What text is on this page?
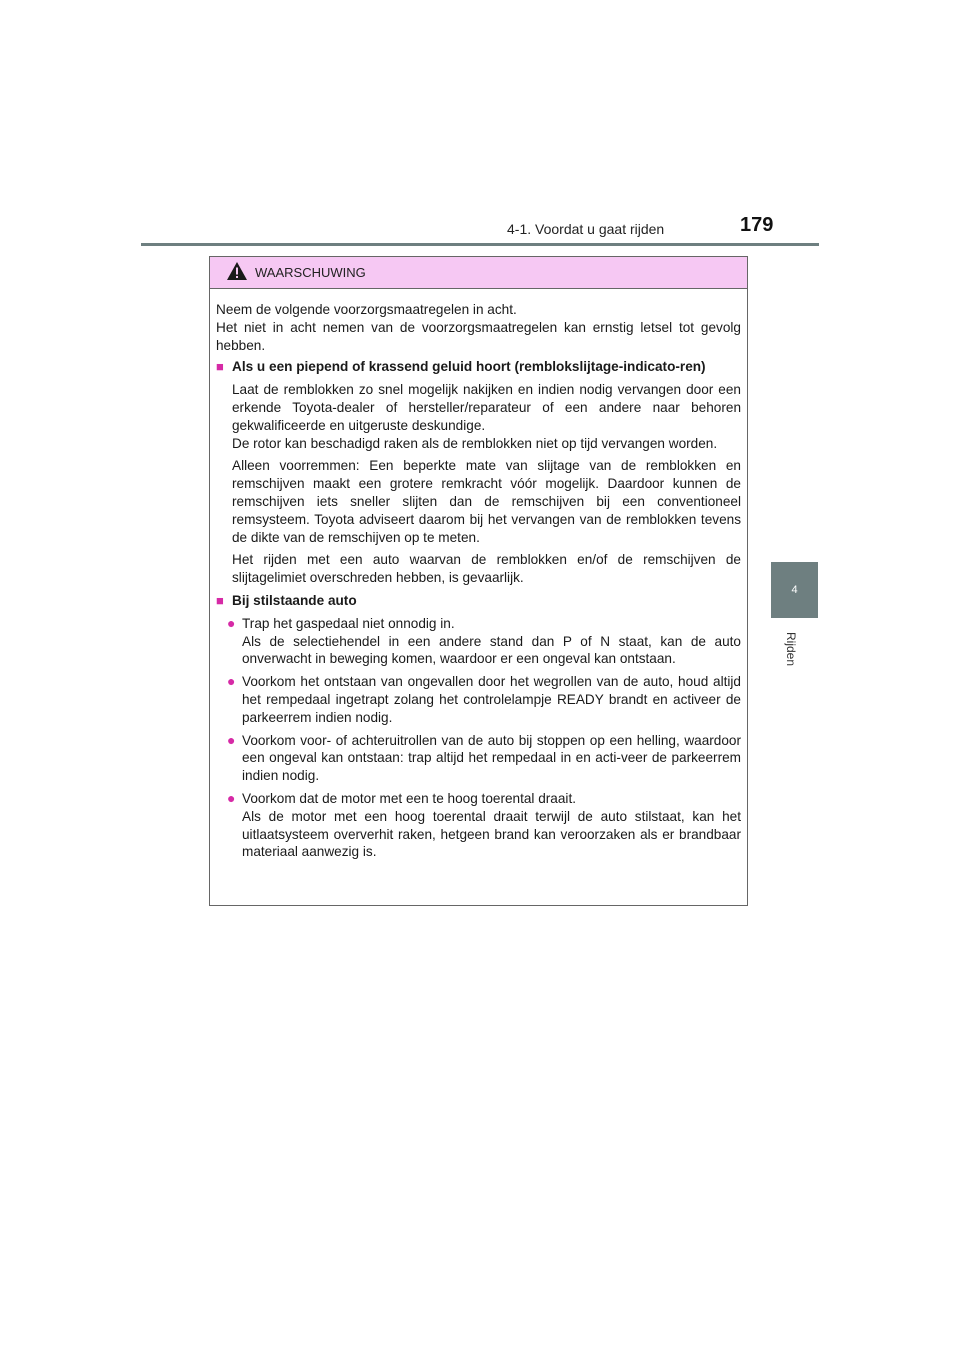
4-1. Voordat u gaat rijden	179
4
Rijden
WAARSCHUWING

Neem de volgende voorzorgsmaatregelen in acht.

Het niet in acht nemen van de voorzorgsmaatregelen kan ernstig letsel tot gevolg hebben.

■ Als u een piepend of krassend geluid hoort (remblokslijtage-indicato-ren)

Laat de remblokken zo snel mogelijk nakijken en indien nodig vervangen door een erkende Toyota-dealer of hersteller/reparateur of een andere naar behoren gekwalificeerde en uitgeruste deskundige.

De rotor kan beschadigd raken als de remblokken niet op tijd vervangen worden.

Alleen voorremmen: Een beperkte mate van slijtage van de remblokken en remschijven maakt een grotere remkracht vóór mogelijk. Daardoor kunnen de remschijven iets sneller slijten dan de remschijven bij een conventioneel remsysteem. Toyota adviseert daarom bij het vervangen van de remblokken tevens de dikte van de remschijven op te meten.

Het rijden met een auto waarvan de remblokken en/of de remschijven de slijtagelimiet overschreden hebben, is gevaarlijk.

■ Bij stilstaande auto
● Trap het gaspedaal niet onnodig in.

Als de selectiehendel in een andere stand dan P of N staat, kan de auto onverwacht in beweging komen, waardoor er een ongeval kan ontstaan.

● Voorkom het ontstaan van ongevallen door het wegrollen van de auto, houd altijd het rempedaal ingetrapt zolang het controlelampje READY brandt en activeer de parkeerrem indien nodig.

● Voorkom voor- of achteruitrollen van de auto bij stoppen op een helling, waardoor een ongeval kan ontstaan: trap altijd het rempedaal in en acti-veer de parkeerrem indien nodig.

● Voorkom dat de motor met een te hoog toerental draait.

Als de motor met een hoog toerental draait terwijl de auto stilstaat, kan het uitlaatsysteem oververhit raken, hetgeen brand kan veroorzaken als er brandbaar materiaal aanwezig is.
